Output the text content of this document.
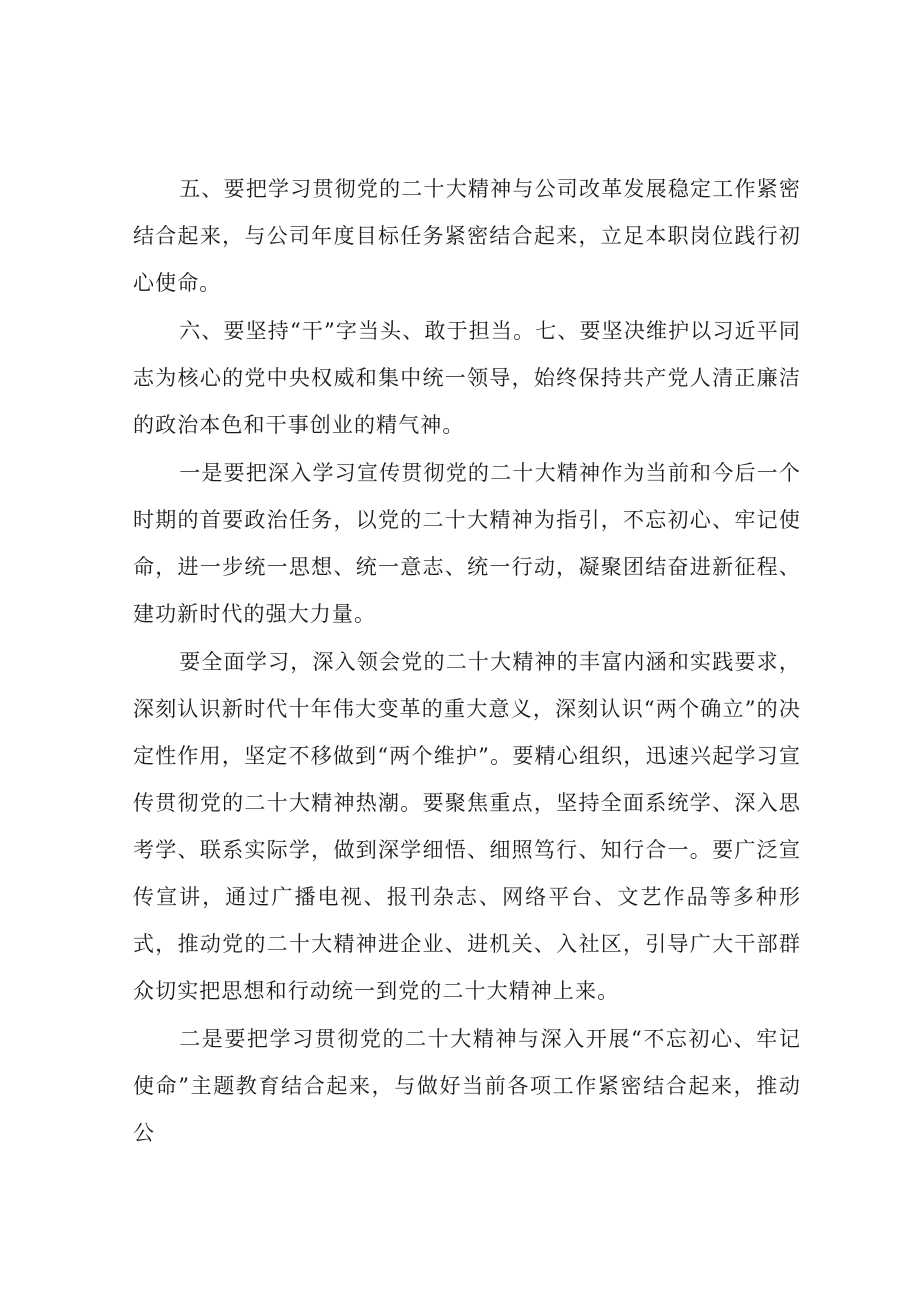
五、要把学习贯彻党的二十大精神与公司改革发展稳定工作紧密结合起来，与公司年度目标任务紧密结合起来，立足本职岗位践行初心使命。

六、要坚持“干”字当头、敢于担当。七、要坚决维护以习近平同志为核心的党中央权威和集中统一领导，始终保持共产党人清正廉洁的政治本色和干事创业的精气神。

一是要把深入学习宣传贯彻党的二十大精神作为当前和今后一个时期的首要政治任务，以党的二十大精神为指引，不忘初心、牢记使命，进一步统一思想、统一意志、统一行动，凝聚团结奋进新征程、建功新时代的强大力量。

要全面学习，深入领会党的二十大精神的丰富内涵和实践要求，深刻认识新时代十年伟大变革的重大意义，深刻认识“两个确立”的决定性作用，坚定不移做到“两个维护”。要精心组织，迅速兴起学习宣传贯彻党的二十大精神热潮。要聚焦重点，坚持全面系统学、深入思考学、联系实际学，做到深学细悟、细照笃行、知行合一。要广泛宣传宣讲，通过广播电视、报刊杂志、网络平台、文艺作品等多种形式，推动党的二十大精神进企业、进机关、入社区，引导广大干部群众切实把思想和行动统一到党的二十大精神上来。

二是要把学习贯彻党的二十大精神与深入开展“不忘初心、牢记使命”主题教育结合起来，与做好当前各项工作紧密结合起来，推动公
